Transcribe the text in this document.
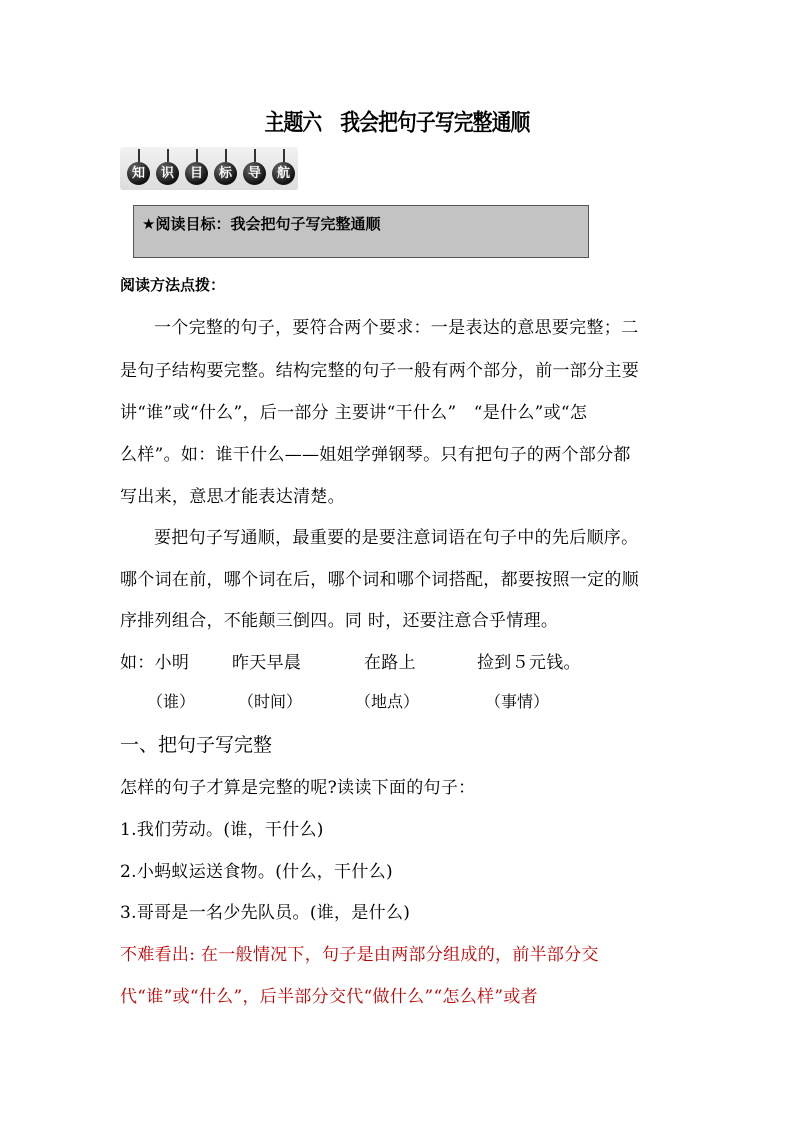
主题六　我会把句子写完整通顺
知	识	目	标	导	航
★阅读目标：我会把句子写完整通顺
阅读方法点拨：
一个完整的句子，要符合两个要求：一是表达的意思要完整；二
是句子结构要完整。结构完整的句子一般有两个部分，前一部分主要
讲“谁”或“什么”，后一部分 主要讲“干什么”　“是什么”或“怎
么样”。如：谁干什么——姐姐学弹钢琴。只有把句子的两个部分都
写出来，意思才能表达清楚。
要把句子写通顺，最重要的是要注意词语在句子中的先后顺序。
哪个词在前，哪个词在后，哪个词和哪个词搭配，都要按照一定的顺
序排列组合，不能颠三倒四。同 时，还要注意合乎情理。
如：小明	昨天早晨	在路上	捡到５元钱。
（谁）	（时间）	（地点）	（事情）
一、把句子写完整
怎样的句子才算是完整的呢?读读下面的句子：
1.我们劳动。(谁，干什么)
2.小蚂蚁运送食物。(什么，干什么)
3.哥哥是一名少先队员。(谁，是什么)
不难看出: 在一般情况下，句子是由两部分组成的，前半部分交
代“谁”或“什么”，后半部分交代“做什么”“怎么样”或者
